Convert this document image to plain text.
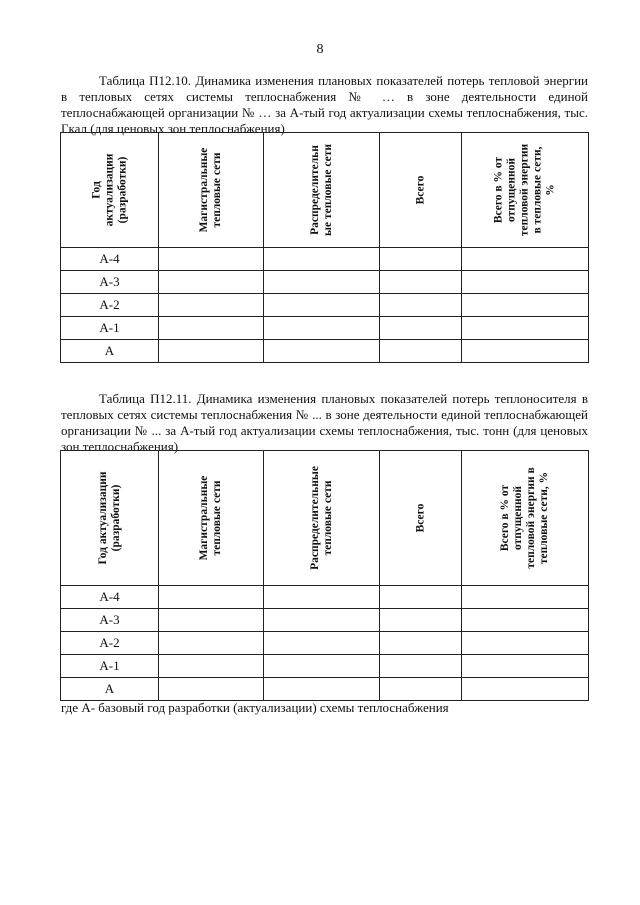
8

Таблица П12.10. Динамика изменения плановых показателей потерь тепловой энергии в тепловых сетях системы теплоснабжения № … в зоне деятельности единой теплоснабжающей организации № … за А-тый год актуализации схемы теплоснабжения, тыс. Гкал (для ценовых зон теплоснабжения)

Год актуализации (разработки)	Магистральные тепловые сети	Распределительн ые тепловые сети	Всего	Всего в % от отпущенной тепловой энергии в тепловые сети, %

А-4				
А-3				
А-2				
А-1				
А				

Таблица П12.11. Динамика изменения плановых показателей потерь теплоносителя в тепловых сетях системы теплоснабжения № ... в зоне деятельности единой теплоснабжающей организации № ... за А-тый год актуализации схемы теплоснабжения, тыс. тонн (для ценовых зон теплоснабжения)

Год актуализации (разработки)	Магистральные тепловые сети	Распределительные тепловые сети	Всего	Всего в % от отпущенной тепловой энергии в тепловые сети, %

А-4				
А-3				
А-2				
А-1				
А				
где А- базовый год разработки (актуализации) схемы теплоснабжения
